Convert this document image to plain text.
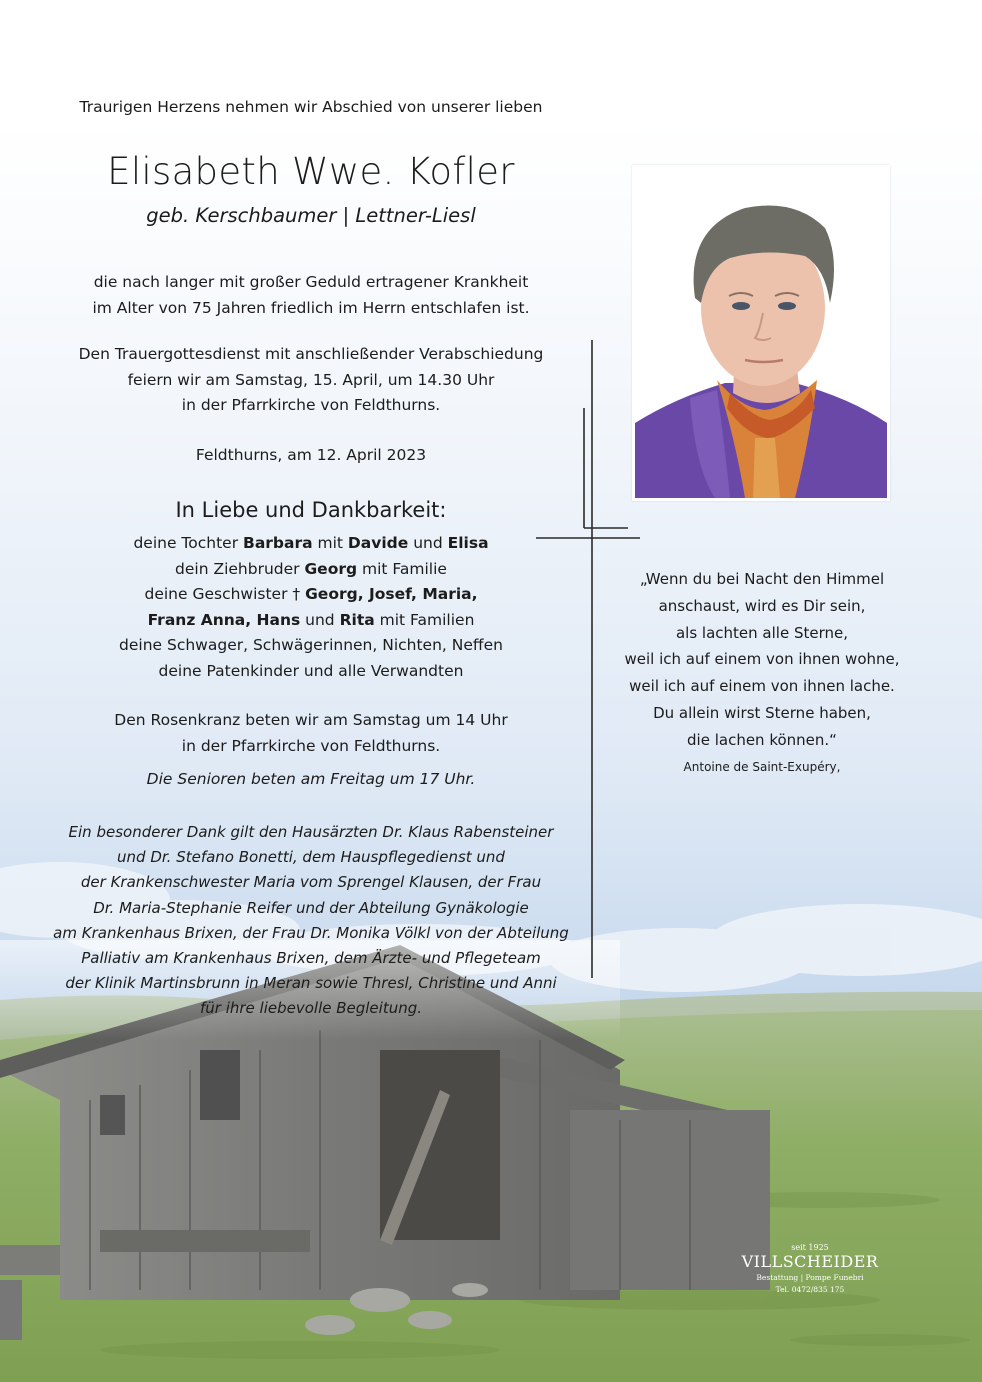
Traurigen Herzens nehmen wir Abschied von unserer lieben
Elisabeth Wwe. Kofler
geb. Kerschbaumer | Lettner-Liesl
die nach langer mit großer Geduld ertragener Krankheit
im Alter von 75 Jahren friedlich im Herrn entschlafen ist.
Den Trauergottesdienst mit anschließender Verabschiedung
feiern wir am Samstag, 15. April, um 14.30 Uhr
in der Pfarrkirche von Feldthurns.
Feldthurns, am 12. April 2023
In Liebe und Dankbarkeit:
deine Tochter Barbara mit Davide und Elisa
dein Ziehbruder Georg mit Familie
deine Geschwister † Georg, Josef, Maria,
Franz Anna, Hans und Rita mit Familien
deine Schwager, Schwägerinnen, Nichten, Neffen
deine Patenkinder und alle Verwandten
Den Rosenkranz beten wir am Samstag um 14 Uhr
in der Pfarrkirche von Feldthurns.
Die Senioren beten am Freitag um 17 Uhr.
Ein besonderer Dank gilt den Hausärzten Dr. Klaus Rabensteiner
und Dr. Stefano Bonetti, dem Hauspflegedienst und
der Krankenschwester Maria vom Sprengel Klausen, der Frau
Dr. Maria-Stephanie Reifer und der Abteilung Gynäkologie
am Krankenhaus Brixen, der Frau Dr. Monika Völkl von der Abteilung
Palliativ am Krankenhaus Brixen, dem Ärzte- und Pflegeteam
der Klinik Martinsbrunn in Meran sowie Thresl, Christine und Anni
für ihre liebevolle Begleitung.
„Wenn du bei Nacht den Himmel
anschaust, wird es Dir sein,
als lachten alle Sterne,
weil ich auf einem von ihnen wohne,
weil ich auf einem von ihnen lache.
Du allein wirst Sterne haben,
die lachen können.“
Antoine de Saint-Exupéry,
seit 1925
VILLSCHEIDER
Bestattung | Pompe Funebri
Tel. 0472/835 175
